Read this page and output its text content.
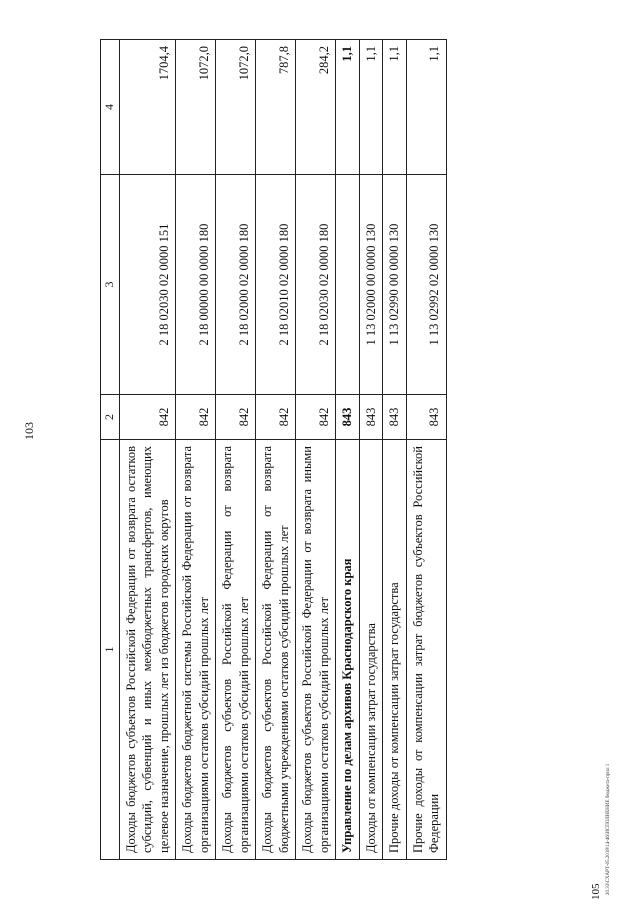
103
1	2	3	4
Доходы бюджетов субъектов Российской Федерации от возврата остатков субсидий, субвенций и иных межбюджетных трансфертов, имеющих целевое назначение, прошлых лет из бюджетов городских округов	842	2 18 02030 02 0000 151	1704,4
Доходы бюджетов бюджетной системы Российской Федерации от возврата организациями остатков субсидий прошлых лет	842	2 18 00000 00 0000 180	1072,0
Доходы бюджетов субъектов Российской Федерации от возврата организациями остатков субсидий прошлых лет	842	2 18 02000 02 0000 180	1072,0
Доходы бюджетов субъектов Российской Федерации от возврата бюджетными учреждениями остатков субсидий прошлых лет	842	2 18 02010 02 0000 180	787,8
Доходы бюджетов субъектов Российской Федерации от возврата иными организациями остатков субсидий прошлых лет	842	2 18 02030 02 0000 180	284,2
Управление по делам архивов Краснодарского края	843		1,1
Доходы от компенсации затрат государства	843	1 13 02000 00 0000 130	1,1
Прочие доходы от компенсации затрат государства	843	1 13 02990 00 0000 130	1,1
Прочие доходы от компенсации затрат бюджетов субъектов Российской Федерации	843	1 13 02992 02 0000 130	1,1
105 20.33\СХАРТ-05.2018\14-46\ИСПОЛНЕНИЕ бюджета-прил 1
